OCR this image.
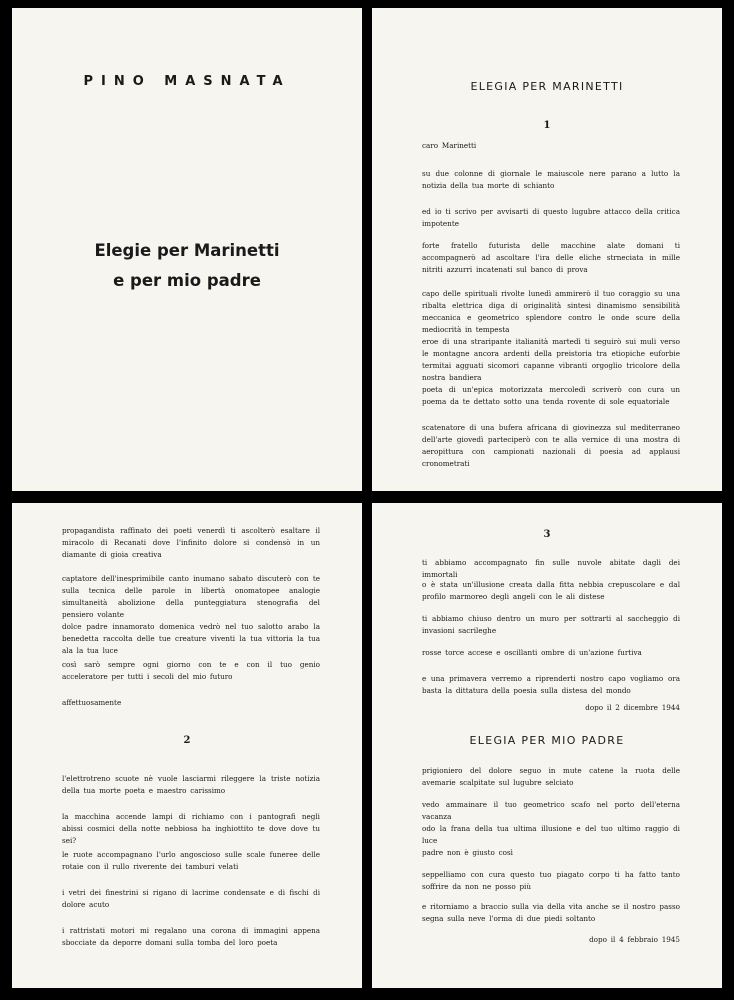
PINO MASNATA
Elegie per Marinetti
e per mio padre
ELEGIA PER MARINETTI
1
caro Marinetti
su due colonne di giornale le maiuscole nere parano a lutto la notizia della tua morte di schianto
ed io ti scrivo per avvisarti di questo lugubre attacco della critica impotente
forte fratello futurista delle macchine alate domani ti accompagnerò ad ascoltare l'ira delle eliche strneciata in mille nitriti azzurri incatenati sul banco di prova
capo delle spirituali rivolte lunedì ammirerò il tuo coraggio su una ribalta elettrica diga di originalità sintesi dinamismo sensibilità meccanica e geometrico splendore contro le onde scure della mediocrità in tempesta
eroe di una straripante italianità martedì ti seguirò sui muli verso le montagne ancora ardenti della preistoria tra etiopiche euforbie termitai agguati sicomori capanne vibranti orgoglio tricolore della nostra bandiera
poeta di un'epica motorizzata mercoledì scriverò con cura un poema da te dettato sotto una tenda rovente di sole equatoriale
scatenatore di una bufera africana di giovinezza sul mediterraneo dell'arte giovedì parteciperò con te alla vernice di una mostra di aeropittura con campionati nazionali di poesia ad applausi cronometrati
propagandista raffinato dei poeti venerdì ti ascolterò esaltare il miracolo di Recanati dove l'infinito dolore si condensò in un diamante di gioia creativa
captatore dell'inesprimibile canto inumano sabato discuterò con te sulla tecnica delle parole in libertà onomatopee analogie simultaneità abolizione della punteggiatura stenografia del pensiero volante
dolce padre innamorato domenica vedrò nel tuo salotto arabo la benedetta raccolta delle tue creature viventi la tua vittoria la tua ala la tua luce
così sarò sempre ogni giorno con te e con il tuo genio acceleratore per tutti i secoli del mio futuro
affettuosamente
2
l'elettrotreno scuote nè vuole lasciarmi rileggere la triste notizia della tua morte poeta e maestro carissimo
la macchina accende lampi di richiamo con i pantografi negli abissi cosmici della notte nebbiosa ha inghiottito te dove dove tu sei?
le ruote accompagnano l'urlo angoscioso sulle scale funeree delle rotaie con il rullo riverente dei tamburi velati
i vetri dei finestrini si rigano di lacrime condensate e di fischi di dolore acuto
i rattristati motori mi regalano una corona di immagini appena sbocciate da deporre domani sulla tomba del loro poeta
3
ti abbiamo accompagnato fin sulle nuvole abitate dagli dei immortali
o è stata un'illusione creata dalla fitta nebbia crepuscolare e dal profilo marmoreo degli angeli con le ali distese
ti abbiamo chiuso dentro un muro per sottrarti al saccheggio di invasioni sacrileghe
rosse torce accese e oscillanti ombre di un'azione furtiva
e una primavera verremo a riprenderti nostro capo vogliamo ora basta la dittatura della poesia sulla distesa del mondo
dopo il 2 dicembre 1944
ELEGIA PER MIO PADRE
prigioniero del dolore seguo in mute catene la ruota delle avemarie scalpitate sul lugubre selciato
vedo ammainare il tuo geometrico scafo nel porto dell'eterna vacanza
odo la frana della tua ultima illusione e del tuo ultimo raggio di luce
padre non è giusto così
seppelliamo con cura questo tuo piagato corpo ti ha fatto tanto soffrire da non ne posso più
e ritorniamo a braccio sulla via della vita anche se il nostro passo segna sulla neve l'orma di due piedi soltanto
dopo il 4 febbraio 1945
